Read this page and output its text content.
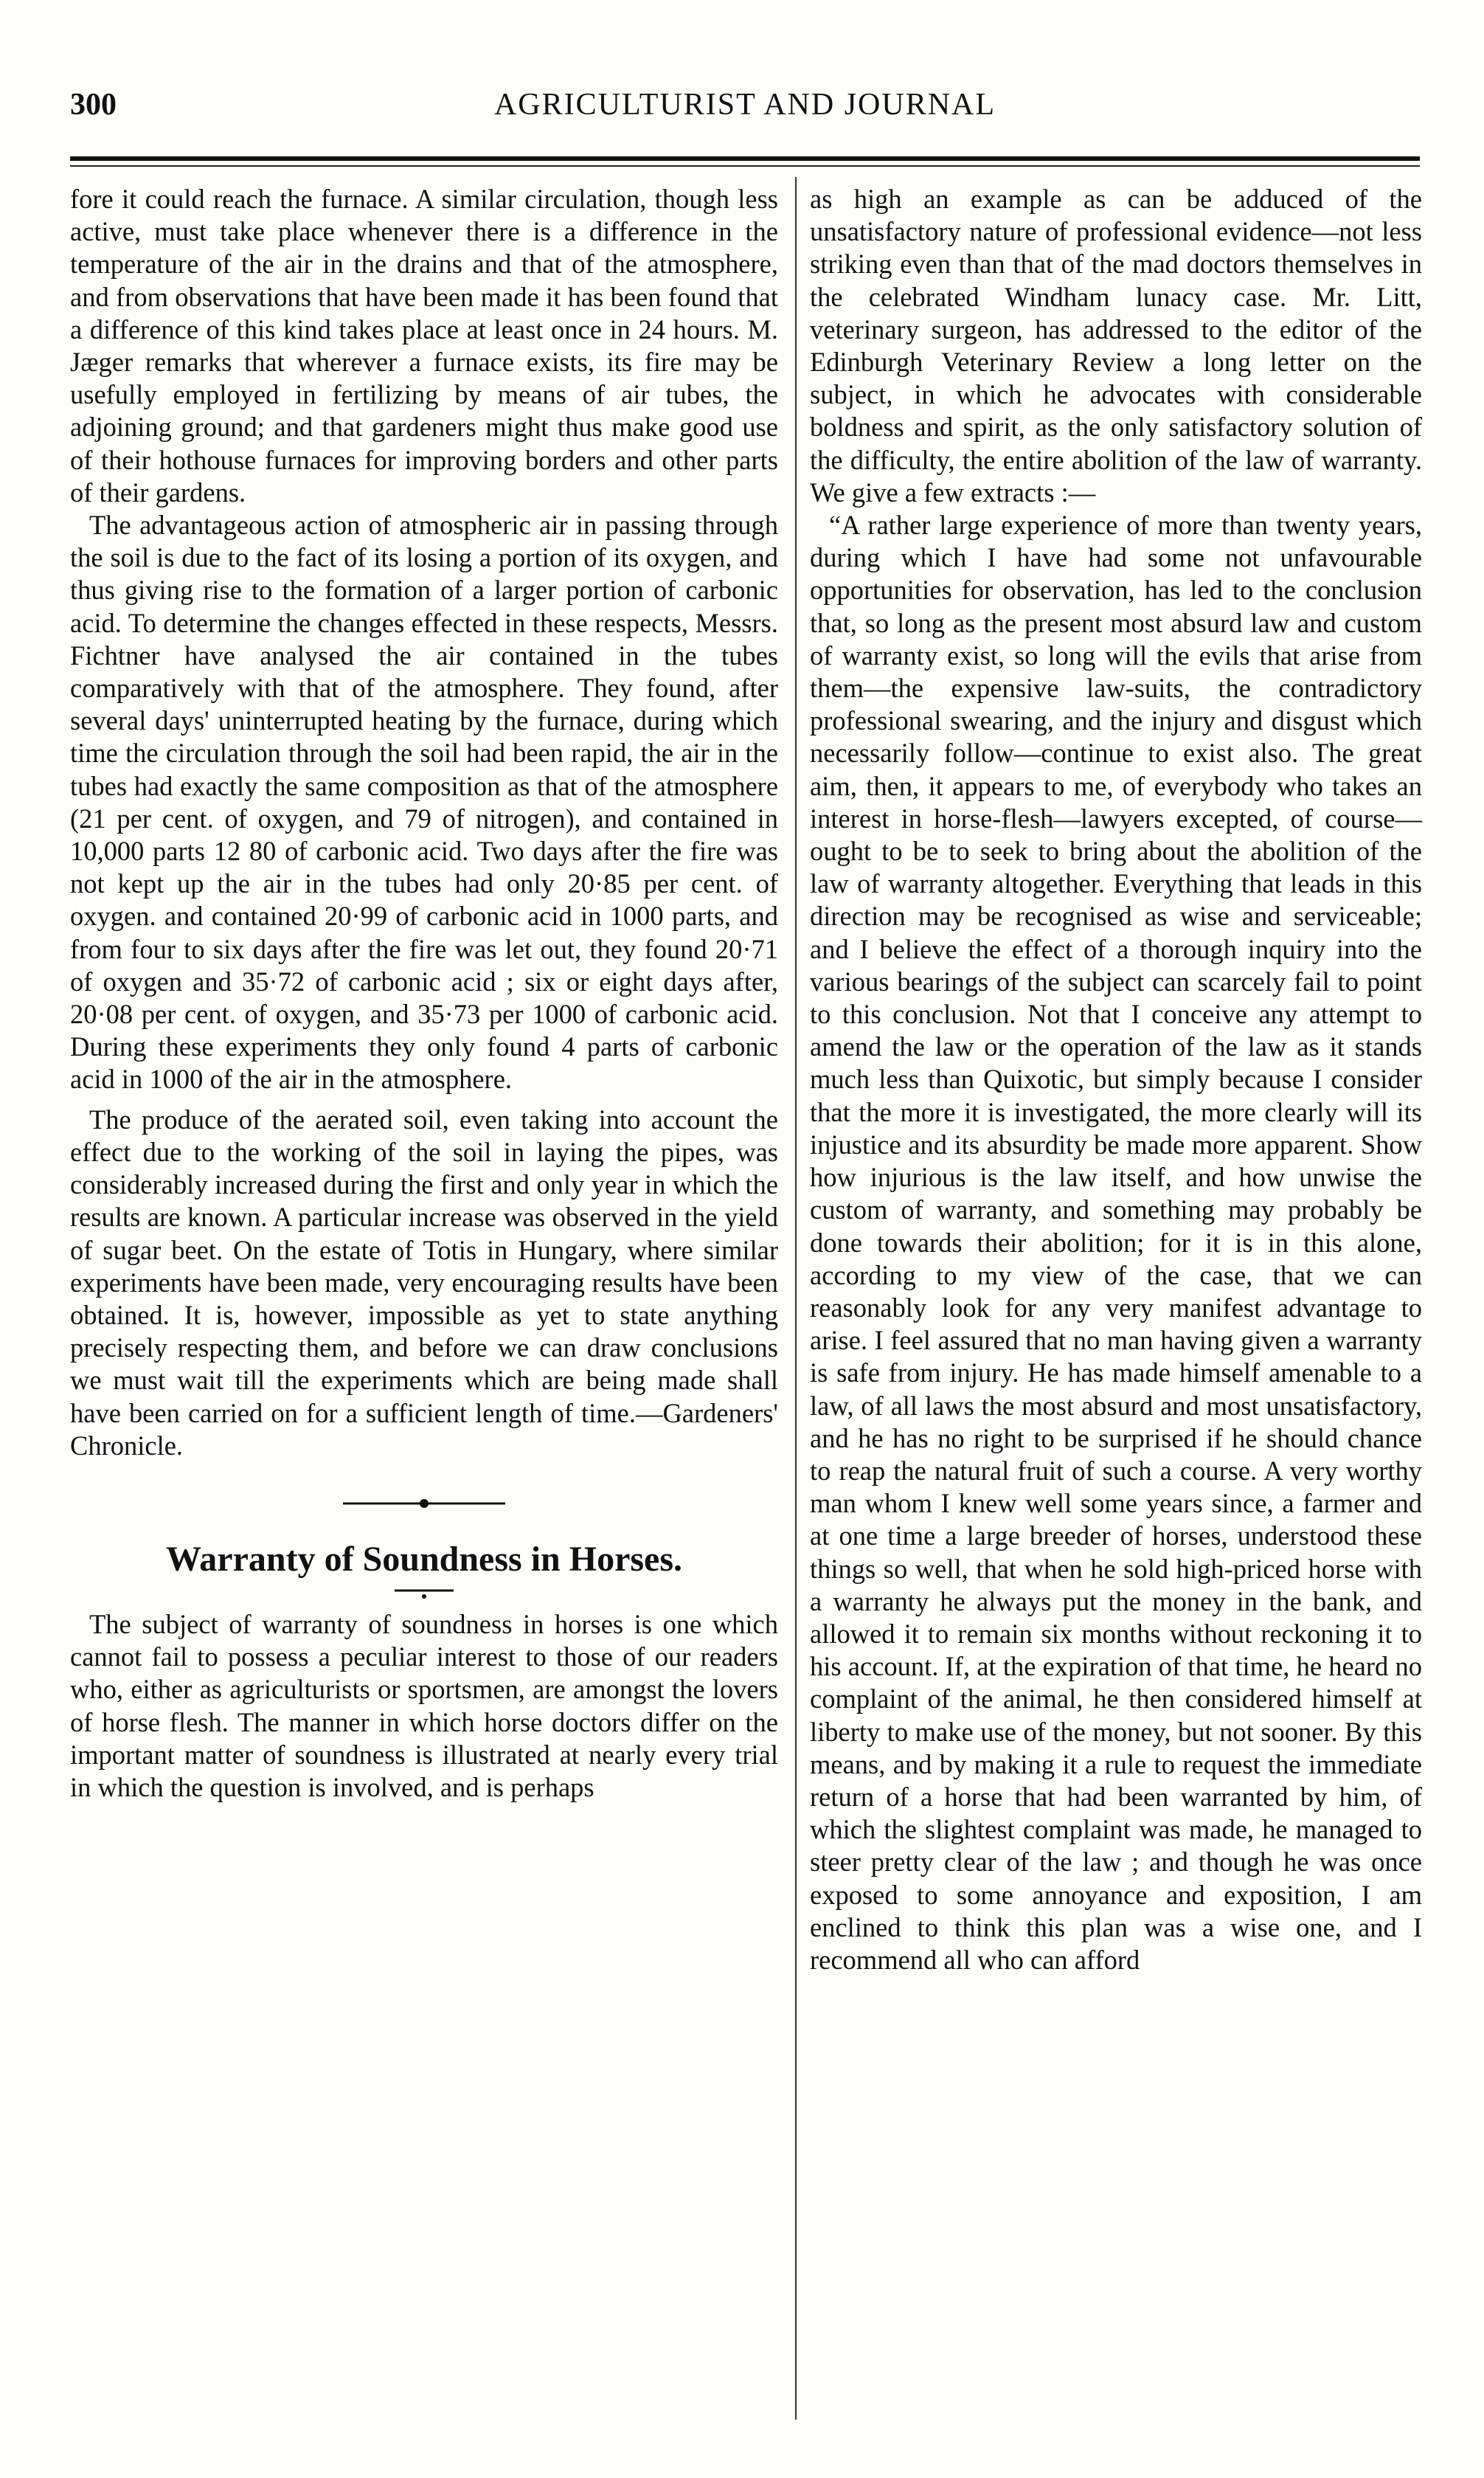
300	AGRICULTURIST AND JOURNAL

fore it could reach the furnace. A similar circulation, though less active, must take place whenever there is a difference in the temperature of the air in the drains and that of the atmosphere, and from observations that have been made it has been found that a difference of this kind takes place at least once in 24 hours. M. Jæger remarks that wherever a furnace exists, its fire may be usefully employed in fertilizing by means of air tubes, the adjoining ground; and that gardeners might thus make good use of their hothouse furnaces for improving borders and other parts of their gardens.

The advantageous action of atmospheric air in passing through the soil is due to the fact of its losing a portion of its oxygen, and thus giving rise to the formation of a larger portion of carbonic acid. To determine the changes effected in these respects, Messrs. Fichtner have analysed the air contained in the tubes comparatively with that of the atmosphere. They found, after several days' uninterrupted heating by the furnace, during which time the circulation through the soil had been rapid, the air in the tubes had exactly the same composition as that of the atmosphere (21 per cent. of oxygen, and 79 of nitrogen), and contained in 10,000 parts 12 80 of carbonic acid. Two days after the fire was not kept up the air in the tubes had only 20·85 per cent. of oxygen. and contained 20·99 of carbonic acid in 1000 parts, and from four to six days after the fire was let out, they found 20·71 of oxygen and 35·72 of carbonic acid ; six or eight days after, 20·08 per cent. of oxygen, and 35·73 per 1000 of carbonic acid. During these experiments they only found 4 parts of carbonic acid in 1000 of the air in the atmosphere.

The produce of the aerated soil, even taking into account the effect due to the working of the soil in laying the pipes, was considerably increased during the first and only year in which the results are known. A particular increase was observed in the yield of sugar beet. On the estate of Totis in Hungary, where similar experiments have been made, very encouraging results have been obtained. It is, however, impossible as yet to state anything precisely respecting them, and before we can draw conclusions we must wait till the experiments which are being made shall have been carried on for a sufficient length of time.—Gardeners' Chronicle.

Warranty of Soundness in Horses.

The subject of warranty of soundness in horses is one which cannot fail to possess a peculiar interest to those of our readers who, either as agriculturists or sportsmen, are amongst the lovers of horse flesh. The manner in which horse doctors differ on the important matter of soundness is illustrated at nearly every trial in which the question is involved, and is perhaps

as high an example as can be adduced of the unsatisfactory nature of professional evidence—not less striking even than that of the mad doctors themselves in the celebrated Windham lunacy case. Mr. Litt, veterinary surgeon, has addressed to the editor of the Edinburgh Veterinary Review a long letter on the subject, in which he advocates with considerable boldness and spirit, as the only satisfactory solution of the difficulty, the entire abolition of the law of warranty. We give a few extracts :—

“A rather large experience of more than twenty years, during which I have had some not unfavourable opportunities for observation, has led to the conclusion that, so long as the present most absurd law and custom of warranty exist, so long will the evils that arise from them—the expensive law-suits, the contradictory professional swearing, and the injury and disgust which necessarily follow—continue to exist also. The great aim, then, it appears to me, of everybody who takes an interest in horse-flesh—lawyers excepted, of course—ought to be to seek to bring about the abolition of the law of warranty altogether. Everything that leads in this direction may be recognised as wise and serviceable; and I believe the effect of a thorough inquiry into the various bearings of the subject can scarcely fail to point to this conclusion. Not that I conceive any attempt to amend the law or the operation of the law as it stands much less than Quixotic, but simply because I consider that the more it is investigated, the more clearly will its injustice and its absurdity be made more apparent. Show how injurious is the law itself, and how unwise the custom of warranty, and something may probably be done towards their abolition; for it is in this alone, according to my view of the case, that we can reasonably look for any very manifest advantage to arise. I feel assured that no man having given a warranty is safe from injury. He has made himself amenable to a law, of all laws the most absurd and most unsatisfactory, and he has no right to be surprised if he should chance to reap the natural fruit of such a course. A very worthy man whom I knew well some years since, a farmer and at one time a large breeder of horses, understood these things so well, that when he sold high-priced horse with a warranty he always put the money in the bank, and allowed it to remain six months without reckoning it to his account. If, at the expiration of that time, he heard no complaint of the animal, he then considered himself at liberty to make use of the money, but not sooner. By this means, and by making it a rule to request the immediate return of a horse that had been warranted by him, of which the slightest complaint was made, he managed to steer pretty clear of the law ; and though he was once exposed to some annoyance and exposition, I am enclined to think this plan was a wise one, and I recommend all who can afford
